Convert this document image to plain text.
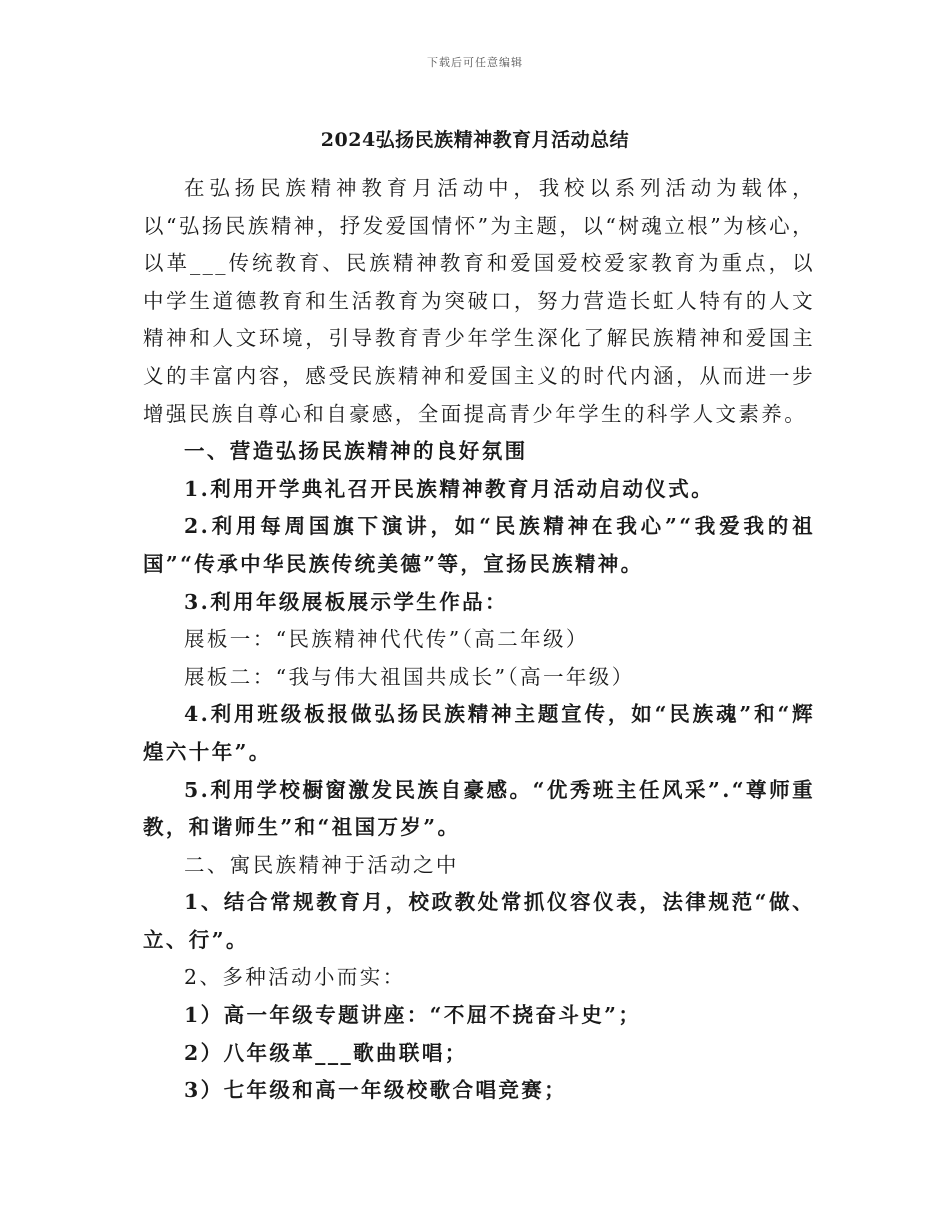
下载后可任意编辑
2024弘扬民族精神教育月活动总结

在弘扬民族精神教育月活动中，我校以系列活动为载体，以“弘扬民族精神，抒发爱国情怀”为主题，以“树魂立根”为核心，以革___传统教育、民族精神教育和爱国爱校爱家教育为重点，以中学生道德教育和生活教育为突破口，努力营造长虹人特有的人文精神和人文环境，引导教育青少年学生深化了解民族精神和爱国主义的丰富内容，感受民族精神和爱国主义的时代内涵，从而进一步增强民族自尊心和自豪感，全面提高青少年学生的科学人文素养。

一、营造弘扬民族精神的良好氛围

1.利用开学典礼召开民族精神教育月活动启动仪式。

2.利用每周国旗下演讲，如“民族精神在我心”“我爱我的祖国”“传承中华民族传统美德”等，宣扬民族精神。

3.利用年级展板展示学生作品：

展板一：“民族精神代代传”（高二年级）

展板二：“我与伟大祖国共成长”（高一年级）

4.利用班级板报做弘扬民族精神主题宣传，如“民族魂”和“辉煌六十年”。

5.利用学校橱窗激发民族自豪感。“优秀班主任风采”.“尊师重教，和谐师生”和“祖国万岁”。

二、寓民族精神于活动之中

1、结合常规教育月，校政教处常抓仪容仪表，法律规范“做、立、行”。

2、多种活动小而实：

1）高一年级专题讲座：“不屈不挠奋斗史”；

2）八年级革___歌曲联唱；

3）七年级和高一年级校歌合唱竞赛；
